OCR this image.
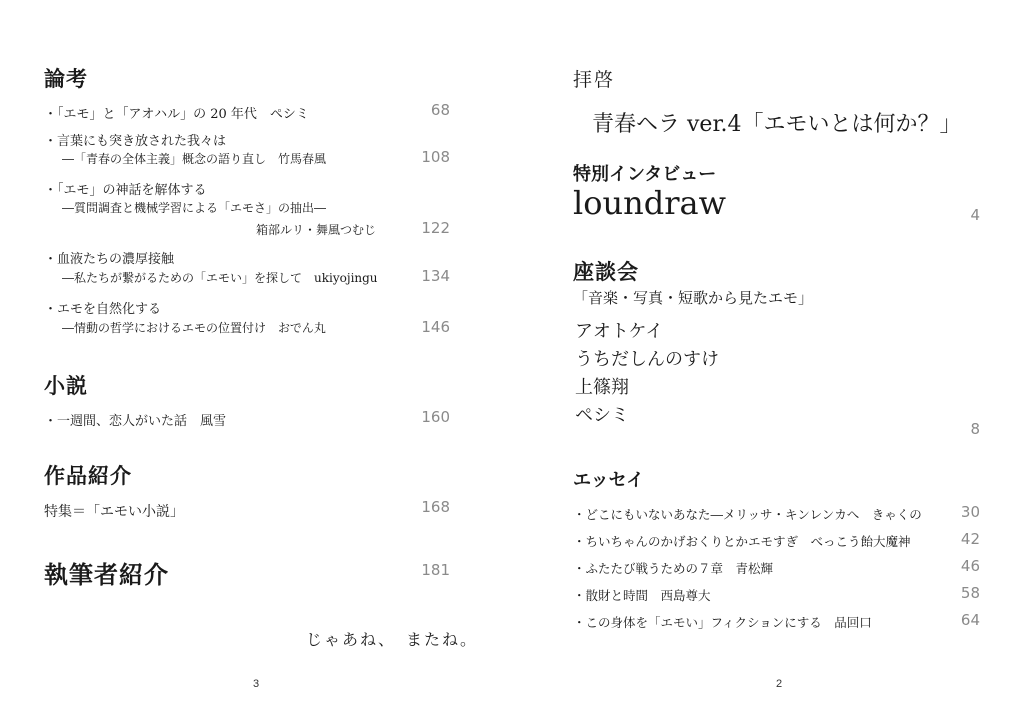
論考
・「エモ」と「アオハル」の 20 年代　ペシミ	68
・言葉にも突き放された我々は
　―「青春の全体主義」概念の語り直し　竹馬春風	108
・「エモ」の神話を解体する
　―質問調査と機械学習による「エモさ」の抽出―
箱部ルリ・舞風つむじ	122
・血液たちの濃厚接触
　―私たちが繋がるための「エモい」を探して　ukiyojingu	134
・エモを自然化する
　―情動の哲学におけるエモの位置付け　おでん丸	146
小説
・一週間、恋人がいた話　風雪	160
作品紹介
特集＝「エモい小説」	168
執筆者紹介	181
じゃあね、　またね。
3
拝啓
青春ヘラ ver.4「エモいとは何か？」
特別インタビュー
loundraw	4
座談会
「音楽・写真・短歌から見たエモ」
アオトケイ
うちだしんのすけ
上篠翔
ペシミ
8
エッセイ
・どこにもいないあなた―メリッサ・キンレンカへ　きゃくの	30
・ちいちゃんのかげおくりとかエモすぎ　べっこう飴大魔神	42
・ふたたび戦うための７章　青松輝	46
・散財と時間　西島尊大	58
・この身体を「エモい」フィクションにする　品回口	64
2
